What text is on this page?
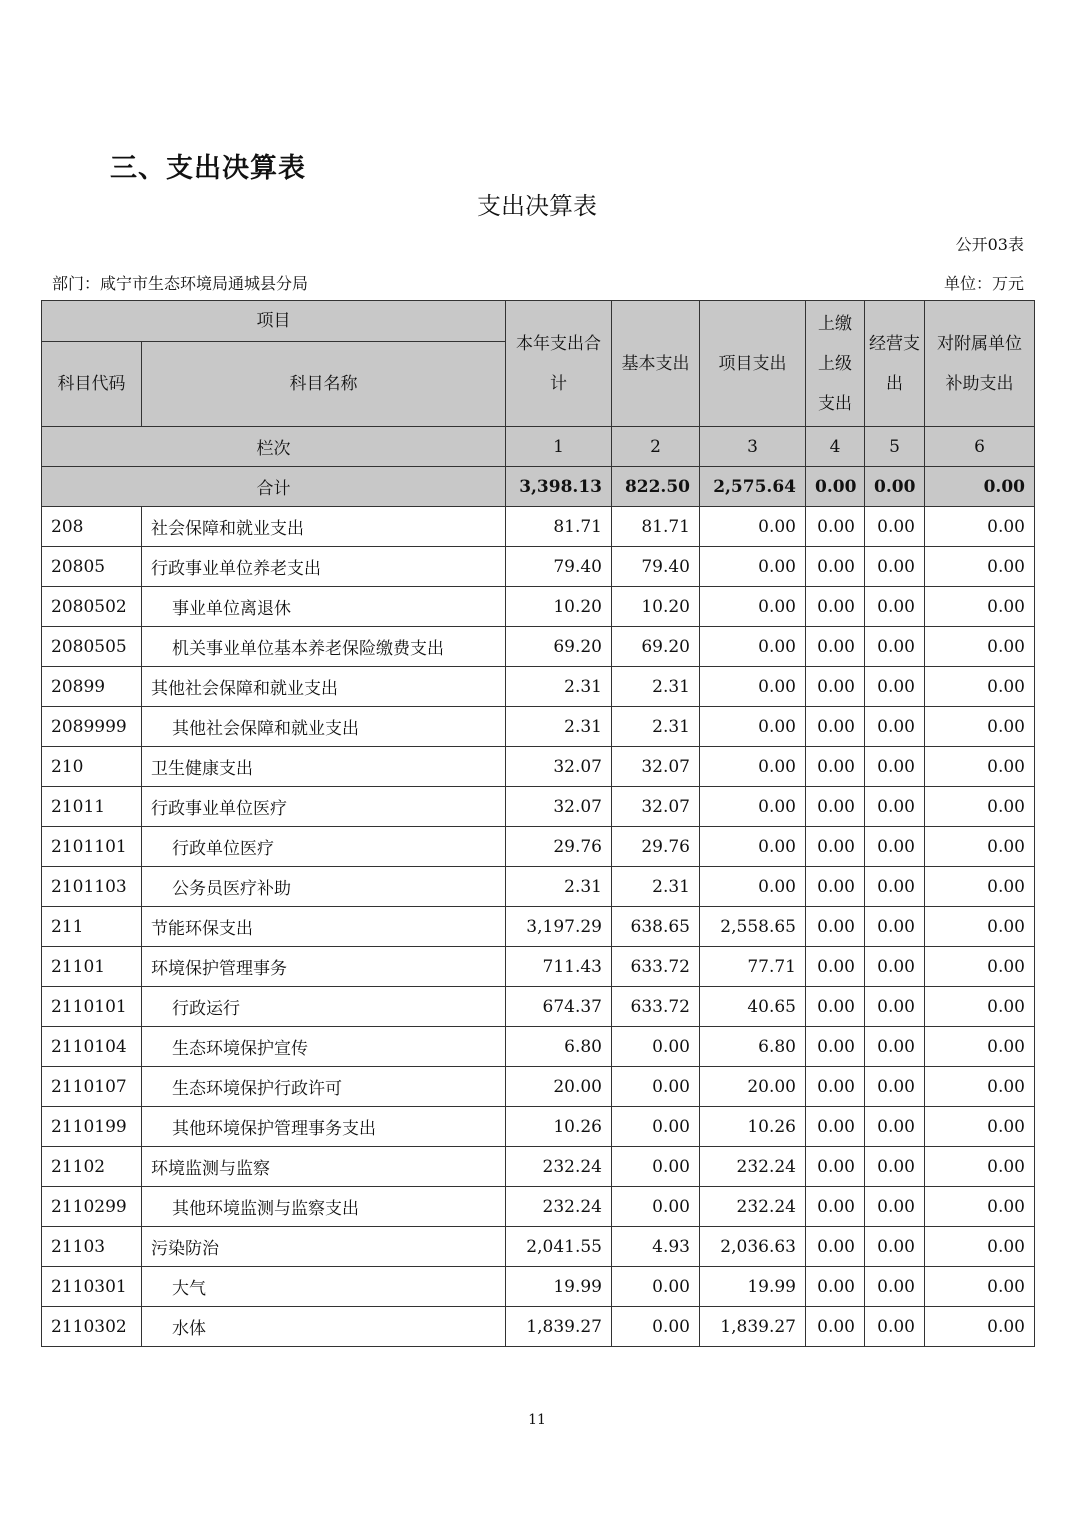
三、支出决算表
支出决算表
公开03表
部门：咸宁市生态环境局通城县分局	单位：万元
项目		本年支出合计	基本支出	项目支出	上缴上级支出	经营支出	对附属单位补助支出
科目代码	科目名称						
栏次		1	2	3	4	5	6
合计		3,398.13	822.50	2,575.64	0.00	0.00	0.00
208	社会保障和就业支出	81.71	81.71	0.00	0.00	0.00	0.00
20805	行政事业单位养老支出	79.40	79.40	0.00	0.00	0.00	0.00
2080502	事业单位离退休	10.20	10.20	0.00	0.00	0.00	0.00
2080505	机关事业单位基本养老保险缴费支出	69.20	69.20	0.00	0.00	0.00	0.00
20899	其他社会保障和就业支出	2.31	2.31	0.00	0.00	0.00	0.00
2089999	其他社会保障和就业支出	2.31	2.31	0.00	0.00	0.00	0.00
210	卫生健康支出	32.07	32.07	0.00	0.00	0.00	0.00
21011	行政事业单位医疗	32.07	32.07	0.00	0.00	0.00	0.00
2101101	行政单位医疗	29.76	29.76	0.00	0.00	0.00	0.00
2101103	公务员医疗补助	2.31	2.31	0.00	0.00	0.00	0.00
211	节能环保支出	3,197.29	638.65	2,558.65	0.00	0.00	0.00
21101	环境保护管理事务	711.43	633.72	77.71	0.00	0.00	0.00
2110101	行政运行	674.37	633.72	40.65	0.00	0.00	0.00
2110104	生态环境保护宣传	6.80	0.00	6.80	0.00	0.00	0.00
2110107	生态环境保护行政许可	20.00	0.00	20.00	0.00	0.00	0.00
2110199	其他环境保护管理事务支出	10.26	0.00	10.26	0.00	0.00	0.00
21102	环境监测与监察	232.24	0.00	232.24	0.00	0.00	0.00
2110299	其他环境监测与监察支出	232.24	0.00	232.24	0.00	0.00	0.00
21103	污染防治	2,041.55	4.93	2,036.63	0.00	0.00	0.00
2110301	大气	19.99	0.00	19.99	0.00	0.00	0.00
2110302	水体	1,839.27	0.00	1,839.27	0.00	0.00	0.00
11
